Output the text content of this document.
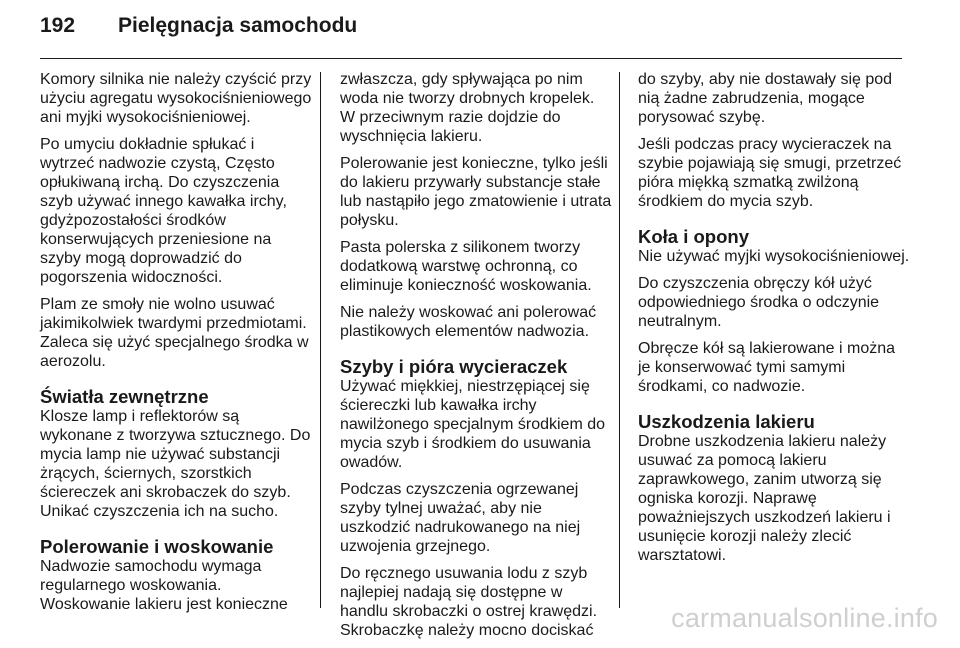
192	Pielęgnacja samochodu

Komory silnika nie należy czyścić przy użyciu agregatu wysokociśnieniowego ani myjki wysokociśnieniowej.

Po umyciu dokładnie spłukać i wytrzeć nadwozie czystą, Często opłukiwaną irchą. Do czyszczenia szyb używać innego kawałka irchy, gdyżpozostałości środków konserwujących przeniesione na szyby mogą doprowadzić do pogorszenia widoczności.

Plam ze smoły nie wolno usuwać jakimikolwiek twardymi przedmiotami. Zaleca się użyć specjalnego środka w aerozolu.

Światła zewnętrzne

Klosze lamp i reflektorów są wykonane z tworzywa sztucznego. Do mycia lamp nie używać substancji żrących, ściernych, szorstkich ściereczek ani skrobaczek do szyb. Unikać czyszczenia ich na sucho.

Polerowanie i woskowanie

Nadwozie samochodu wymaga regularnego woskowania. Woskowanie lakieru jest konieczne

zwłaszcza, gdy spływająca po nim woda nie tworzy drobnych kropelek. W przeciwnym razie dojdzie do wyschnięcia lakieru.

Polerowanie jest konieczne, tylko jeśli do lakieru przywarły substancje stałe lub nastąpiło jego zmatowienie i utrata połysku.

Pasta polerska z silikonem tworzy dodatkową warstwę ochronną, co eliminuje konieczność woskowania.

Nie należy woskować ani polerować plastikowych elementów nadwozia.

Szyby i pióra wycieraczek

Używać miękkiej, niestrzępiącej się ściereczki lub kawałka irchy nawilżonego specjalnym środkiem do mycia szyb i środkiem do usuwania owadów.

Podczas czyszczenia ogrzewanej szyby tylnej uważać, aby nie uszkodzić nadrukowanego na niej uzwojenia grzejnego.

Do ręcznego usuwania lodu z szyb najlepiej nadają się dostępne w handlu skrobaczki o ostrej krawędzi. Skrobaczkę należy mocno dociskać

do szyby, aby nie dostawały się pod nią żadne zabrudzenia, mogące porysować szybę.

Jeśli podczas pracy wycieraczek na szybie pojawiają się smugi, przetrzeć pióra miękką szmatką zwilżoną środkiem do mycia szyb.

Koła i opony

Nie używać myjki wysokociśnieniowej.

Do czyszczenia obręczy kół użyć odpowiedniego środka o odczynie neutralnym.

Obręcze kół są lakierowane i można je konserwować tymi samymi środkami, co nadwozie.

Uszkodzenia lakieru

Drobne uszkodzenia lakieru należy usuwać za pomocą lakieru zaprawkowego, zanim utworzą się ogniska korozji. Naprawę poważniejszych uszkodzeń lakieru i usunięcie korozji należy zlecić warsztatowi.

carmanualsonline.info
